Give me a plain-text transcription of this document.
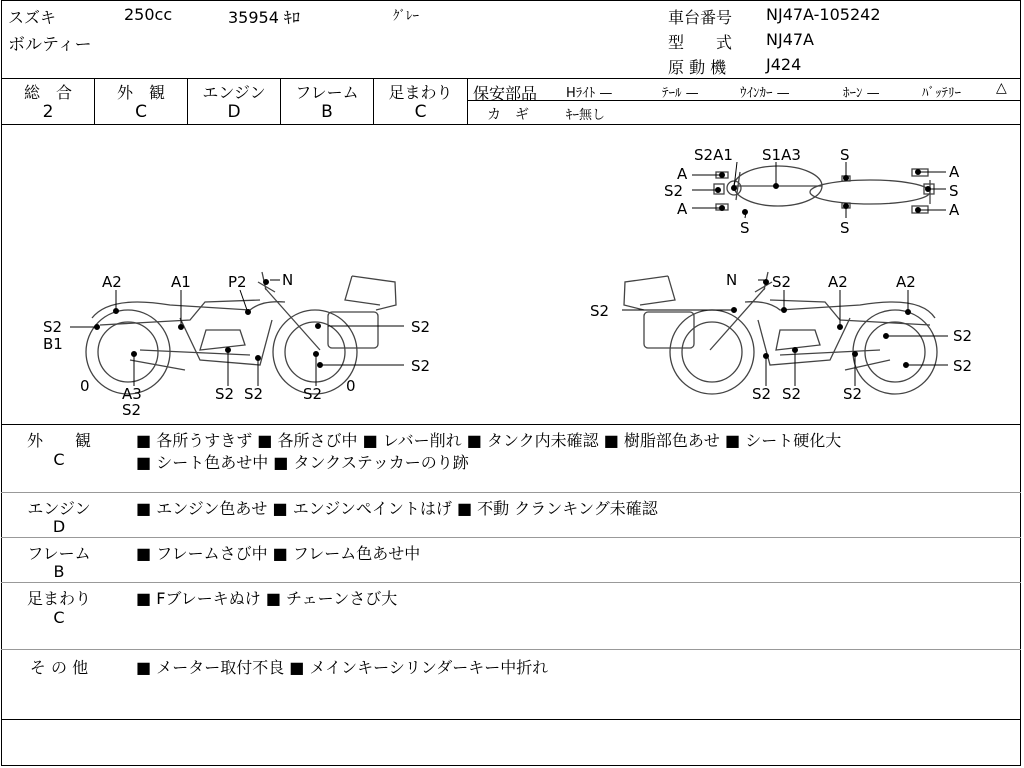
スズキ	250cc	35954 ｷﾛ	ｸﾞﾚｰ
ボルティー
車台番号 NJ47A-105242
型　　式 NJ47A
原 動 機 J424
総　合
2
外　観
C
エンジン
D
フレーム
B
足まわり
C
保安部品 Hﾗｲﾄ —	ﾃｰﾙ —	ｳｲﾝｶｰ —	ﾎｰﾝ —	ﾊﾞｯﾃﾘｰ	△
カ　ギ	ｷｰ無し
S2A1 S1A3	S
A
S2
A
S
A
S
A
S
A2	A1 P2 N
S2
B1
S2
S2
0 A3
S2
S2 S2	S2 0
N S2 A2	A2
S2
S2
S2
S2 S2	S2
外　　観
C
■ 各所うすきず ■ 各所さび中 ■ レバー削れ ■ タンク内未確認 ■ 樹脂部色あせ ■ シート硬化大
■ シート色あせ中 ■ タンクステッカーのり跡
エンジン
D
■ エンジン色あせ ■ エンジンペイントはげ ■ 不動 クランキング未確認
フレーム
B
■ フレームさび中 ■ フレーム色あせ中
足まわり
C
■ Fブレーキぬけ ■ チェーンさび大
そ の 他	■ メーター取付不良 ■ メインキーシリンダーキー中折れ
